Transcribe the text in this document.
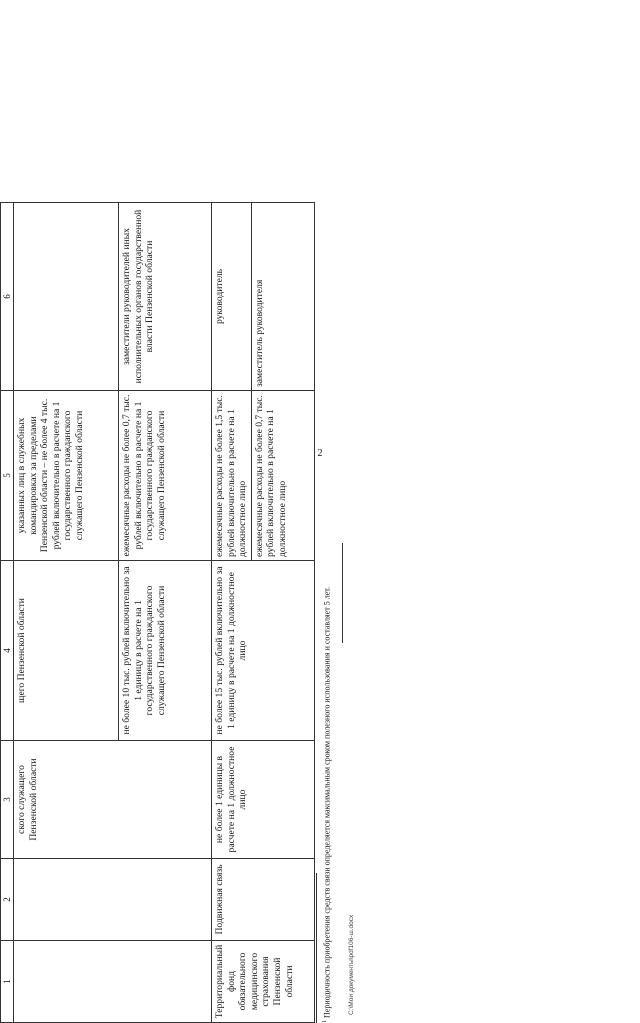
2
1	2	3	4	5	6
		ского служащего Пензенской области	щего Пензенской области	указанных лиц в служебных командировках за пределами Пензенской области – не более 4 тыс. рублей включительно в расчете на 1 государственного гражданского служащего Пензенской области	
			не более 10 тыс. рублей включительно за 1 единицу в расчете на 1 государственного гражданского служащего Пензенской области	ежемесячные расходы не более 0,7 тыс. рублей включительно в расчете на 1 государственного гражданского служащего Пензенской области	заместители руководителей иных исполнительных органов государственной власти Пензенской области
Территориальный фонд обязательного медицинского страхования Пензенской области	Подвижная связь	не более 1 единицы в расчете на 1 должностное лицо	не более 15 тыс. рублей включительно за 1 единицу в расчете на 1 должностное лицо	ежемесячные расходы не более 1,5 тыс. рублей включительно в расчете на 1 должностное лицо	руководитель
				ежемесячные расходы не более 0,7 тыс. рублей включительно в расчете на 1 должностное лицо	заместитель руководителя
$^1$ Периодичность приобретения средств связи определяется максимальным сроком полезного использования и составляет 5 лет.	C:\Мои документы\pdf106-ш.docx
